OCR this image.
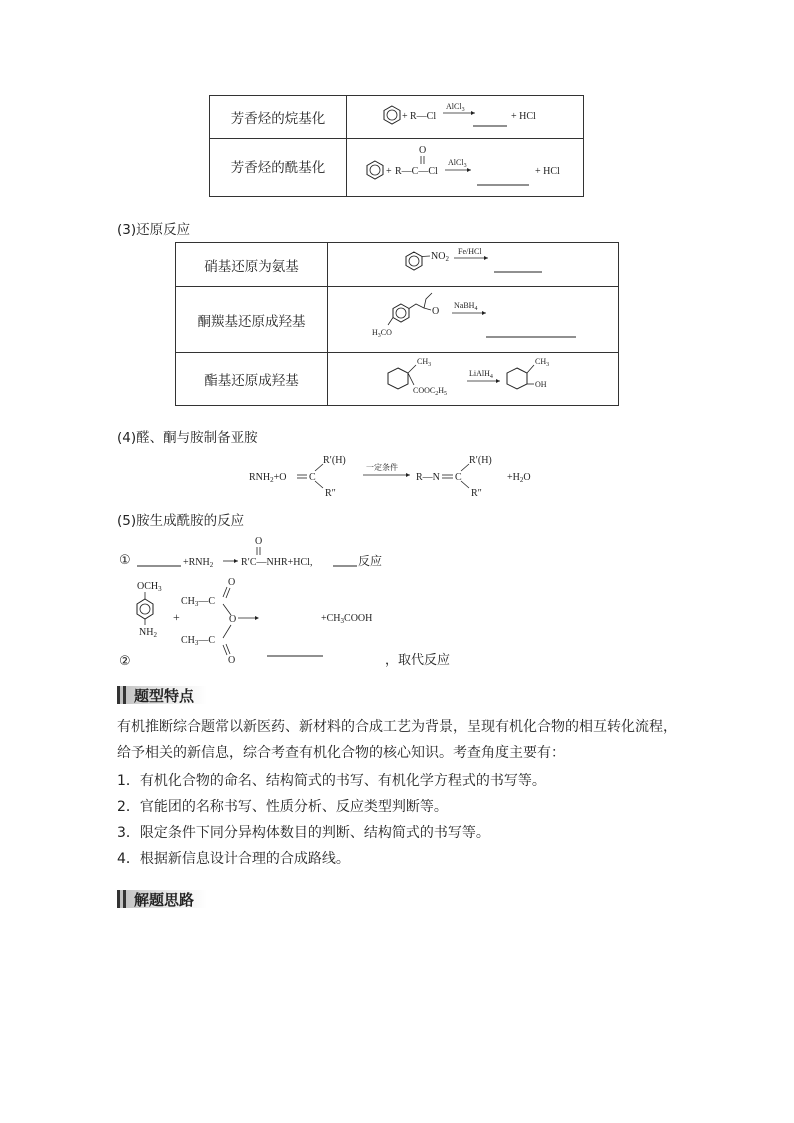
芳香烃的烷基化	+ R—Cl
AlCl$_3$
+ HCl

芳香烃的酰基化	+
O
R—C—Cl
AlCl$_3$ + HCl
(3)还原反应
硝基还原为氨基	$NO_2$
Fe/HCl

酮羰基还原成羟基	O
$H_3CO$
NaBH$_4$

酯基还原成羟基	$CH_3$
$COOC_2H_5$
LiAlH$_4$
$CH_3$
OH
(4)醛、酮与胺制备亚胺
$RNH_2+O$ C
R′(H)
R″
一定条件
R—N C
R′(H)
R″
$+H_2O$
(5)胺生成酰胺的反应
①	$+RNH_2$
O
R′C—NHR+HCl,	反应
$OCH_3$
$NH_2$
+
$CH_3—C$
O
O
$CH_3—C$
O
$+CH_3COOH$
②	，取代反应
题型特点
有机推断综合题常以新医药、新材料的合成工艺为背景，呈现有机化合物的相互转化流程，给予相关的新信息，综合考查有机化合物的核心知识。考查角度主要有：
1．有机化合物的命名、结构简式的书写、有机化学方程式的书写等。
2．官能团的名称书写、性质分析、反应类型判断等。
3．限定条件下同分异构体数目的判断、结构简式的书写等。
4．根据新信息设计合理的合成路线。
解题思路
